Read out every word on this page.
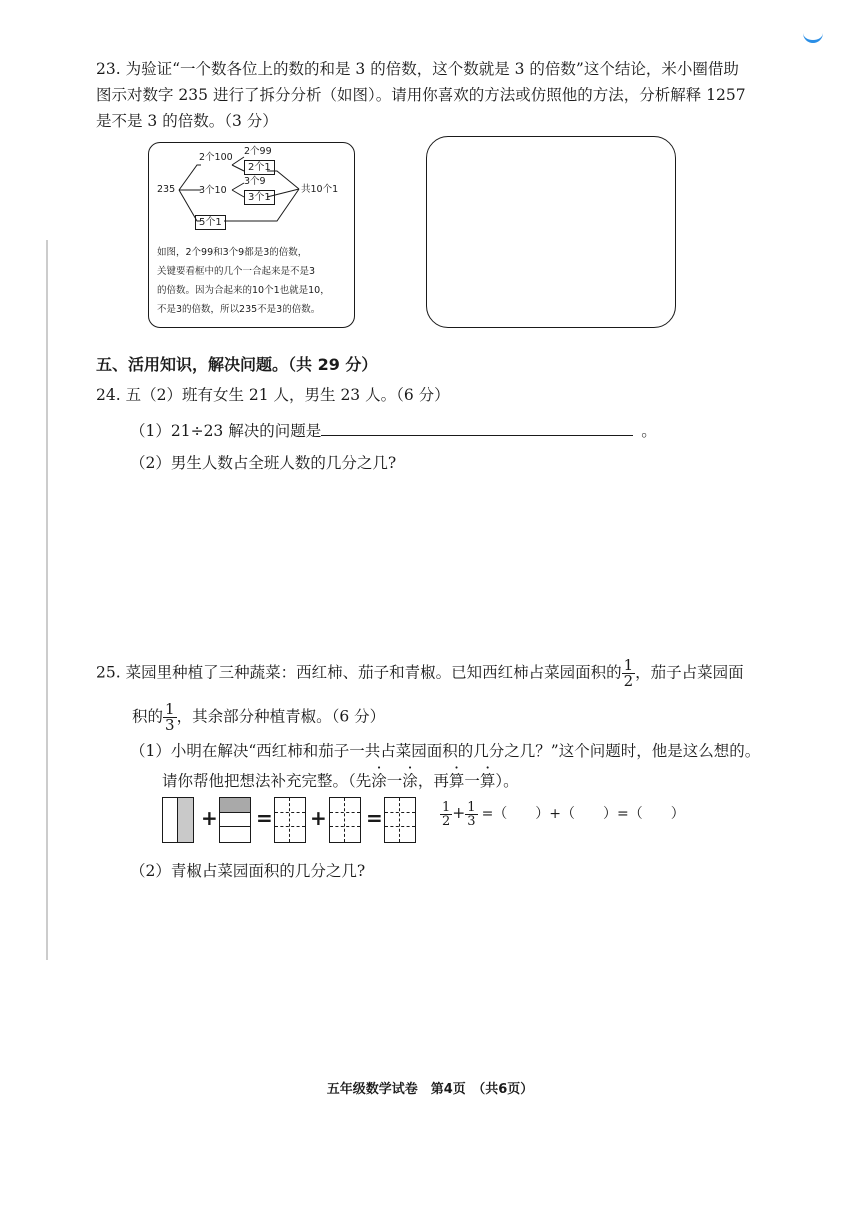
23. 为验证“一个数各位上的数的和是 3 的倍数，这个数就是 3 的倍数”这个结论，米小圈借助
图示对数字 235 进行了拆分分析（如图）。请用你喜欢的方法或仿照他的方法，分析解释 1257
是不是 3 的倍数。（3 分）
235
2个100
3个10
5个1
2个99
2个1
3个9
3个1
共10个1
如图，2个99和3个9都是3的倍数，
关键要看框中的几个一合起来是不是3
的倍数。因为合起来的10个1也就是10，
不是3的倍数，所以235不是3的倍数。
五、活用知识，解决问题。（共 29 分）
24. 五（2）班有女生 21 人，男生 23 人。（6 分）
（1）21÷23 解决的问题是	。
（2）男生人数占全班人数的几分之几?
25. 菜园里种植了三种蔬菜：西红柿、茄子和青椒。已知西红柿占菜园面积的 $\frac{1}{2}$ ，茄子占菜园面
积的 $\frac{1}{3}$ ，其余部分种植青椒。（6 分）
（1）小明在解决“西红柿和茄子一共占菜园面积的几分之几？”这个问题时，他是这么想的。
请你帮他把想法补充完整。（先涂一涂，再算一算）。
+ = + =	$\frac{1}{2} + \frac{1}{3}$ =（　　）+（　　）=（　　）
（2）青椒占菜园面积的几分之几?
五年级数学试卷　第4页　（共6页）
